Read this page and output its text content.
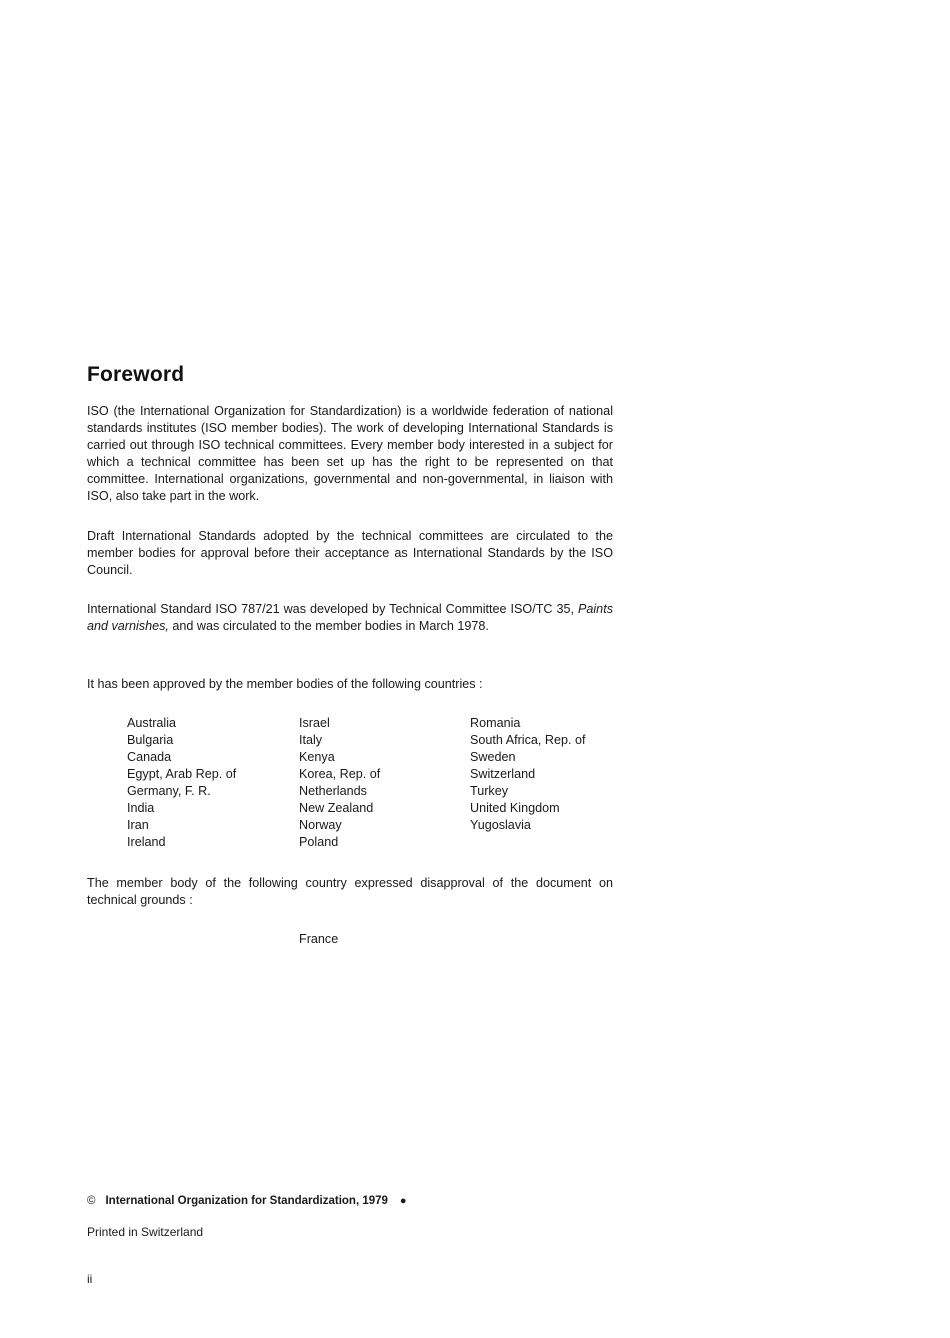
Foreword
ISO (the International Organization for Standardization) is a worldwide federation of national standards institutes (ISO member bodies). The work of developing International Standards is carried out through ISO technical committees. Every member body interested in a subject for which a technical committee has been set up has the right to be represented on that committee. International organizations, governmental and non-governmental, in liaison with ISO, also take part in the work.
Draft International Standards adopted by the technical committees are circulated to the member bodies for approval before their acceptance as International Standards by the ISO Council.
International Standard ISO 787/21 was developed by Technical Committee ISO/TC 35, Paints and varnishes, and was circulated to the member bodies in March 1978.
It has been approved by the member bodies of the following countries :
Australia
Bulgaria
Canada
Egypt, Arab Rep. of
Germany, F. R.
India
Iran
Ireland
Israel
Italy
Kenya
Korea, Rep. of
Netherlands
New Zealand
Norway
Poland
Romania
South Africa, Rep. of
Sweden
Switzerland
Turkey
United Kingdom
Yugoslavia
The member body of the following country expressed disapproval of the document on technical grounds :
France
© International Organization for Standardization, 1979 ●
Printed in Switzerland
ii
